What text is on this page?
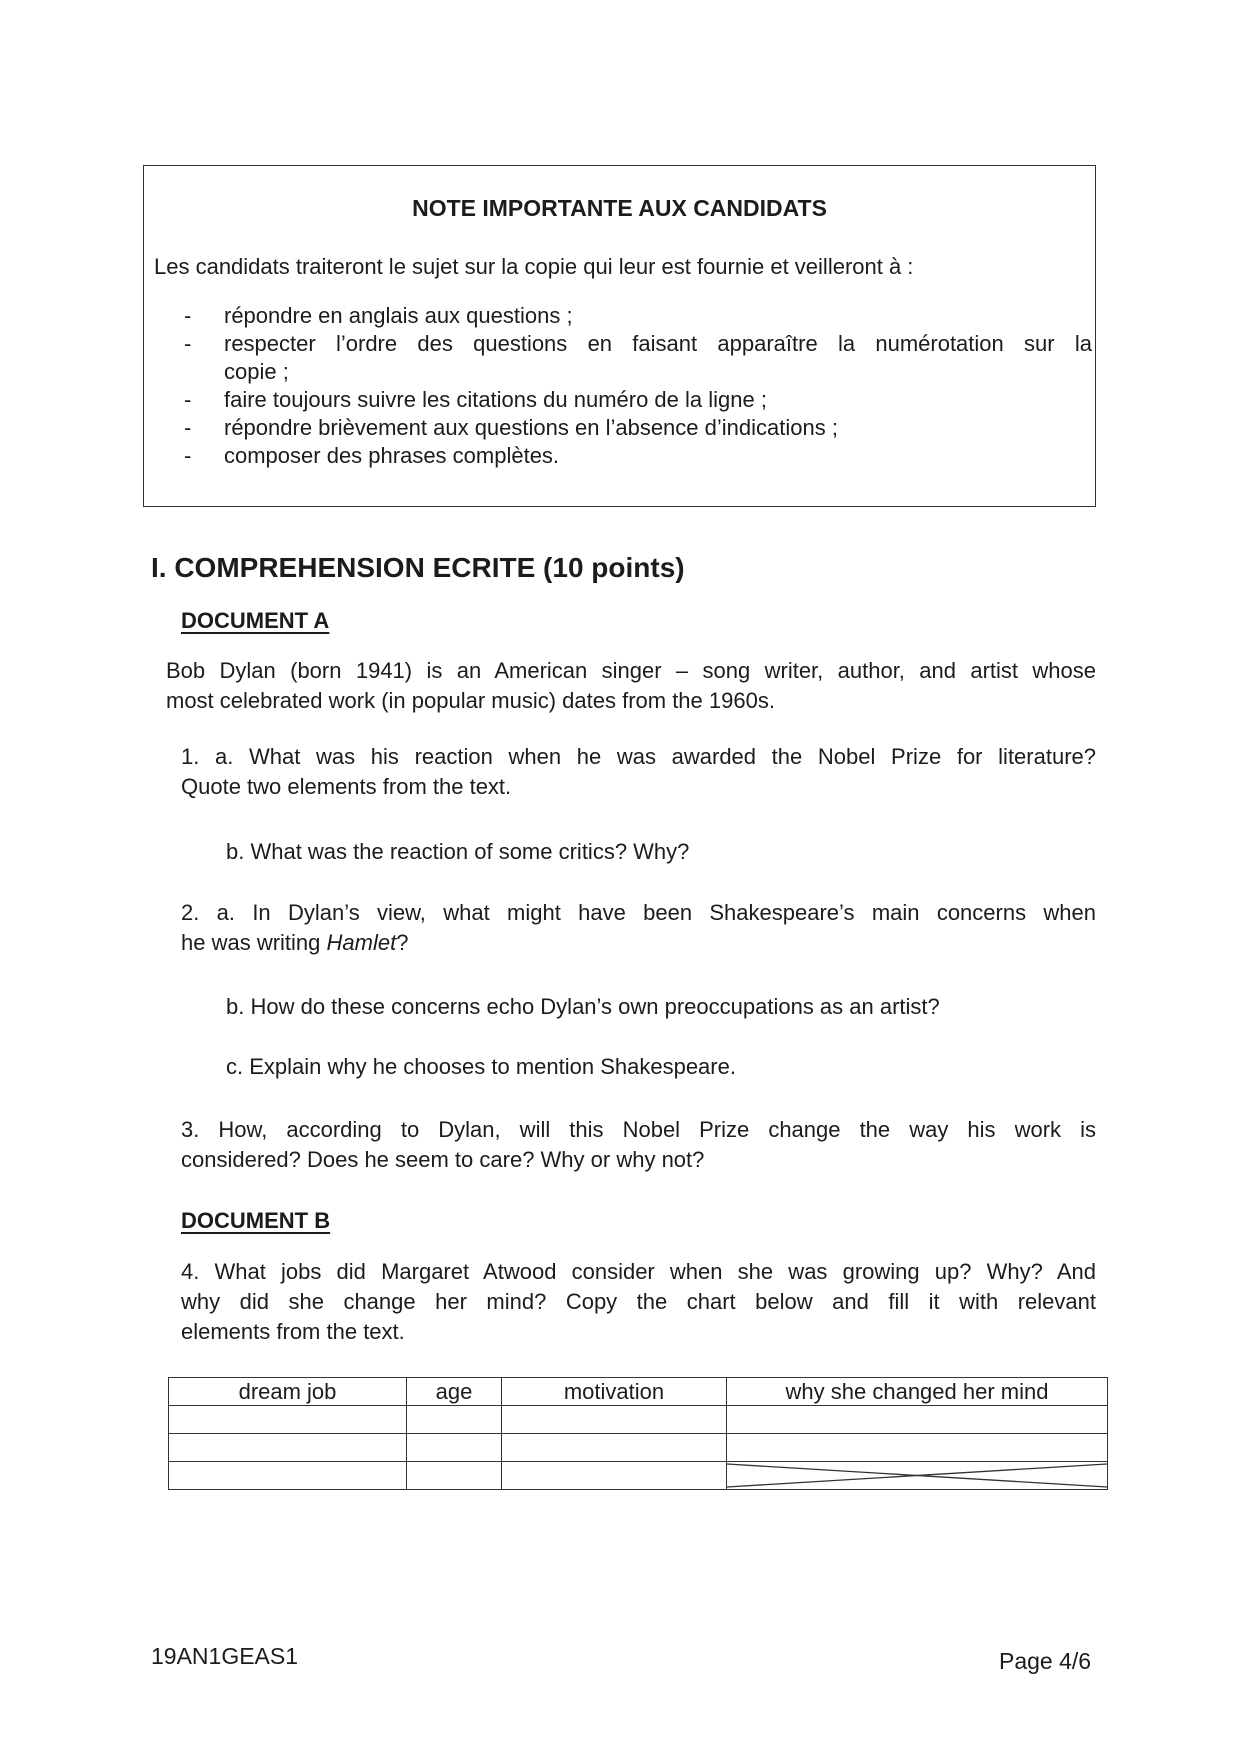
NOTE IMPORTANTE AUX CANDIDATS
Les candidats traiteront le sujet sur la copie qui leur est fournie et veilleront à :
- répondre en anglais aux questions ;
- respecter l’ordre des questions en faisant apparaître la numérotation sur la
copie ;
- faire toujours suivre les citations du numéro de la ligne ;
- répondre brièvement aux questions en l’absence d’indications ;
- composer des phrases complètes.
I. COMPREHENSION ECRITE (10 points)
DOCUMENT A
Bob Dylan (born 1941) is an American singer – song writer, author, and artist whose
most celebrated work (in popular music) dates from the 1960s.
1. a. What was his reaction when he was awarded the Nobel Prize for literature?
Quote two elements from the text.
b. What was the reaction of some critics? Why?
2. a. In Dylan’s view, what might have been Shakespeare’s main concerns when
he was writing Hamlet?
b. How do these concerns echo Dylan’s own preoccupations as an artist?
c. Explain why he chooses to mention Shakespeare.
3. How, according to Dylan, will this Nobel Prize change the way his work is
considered? Does he seem to care? Why or why not?
DOCUMENT B
4. What jobs did Margaret Atwood consider when she was growing up? Why? And
why did she change her mind? Copy the chart below and fill it with relevant
elements from the text.
dream job	age	motivation	why she changed her mind

19AN1GEAS1	Page 4/6
